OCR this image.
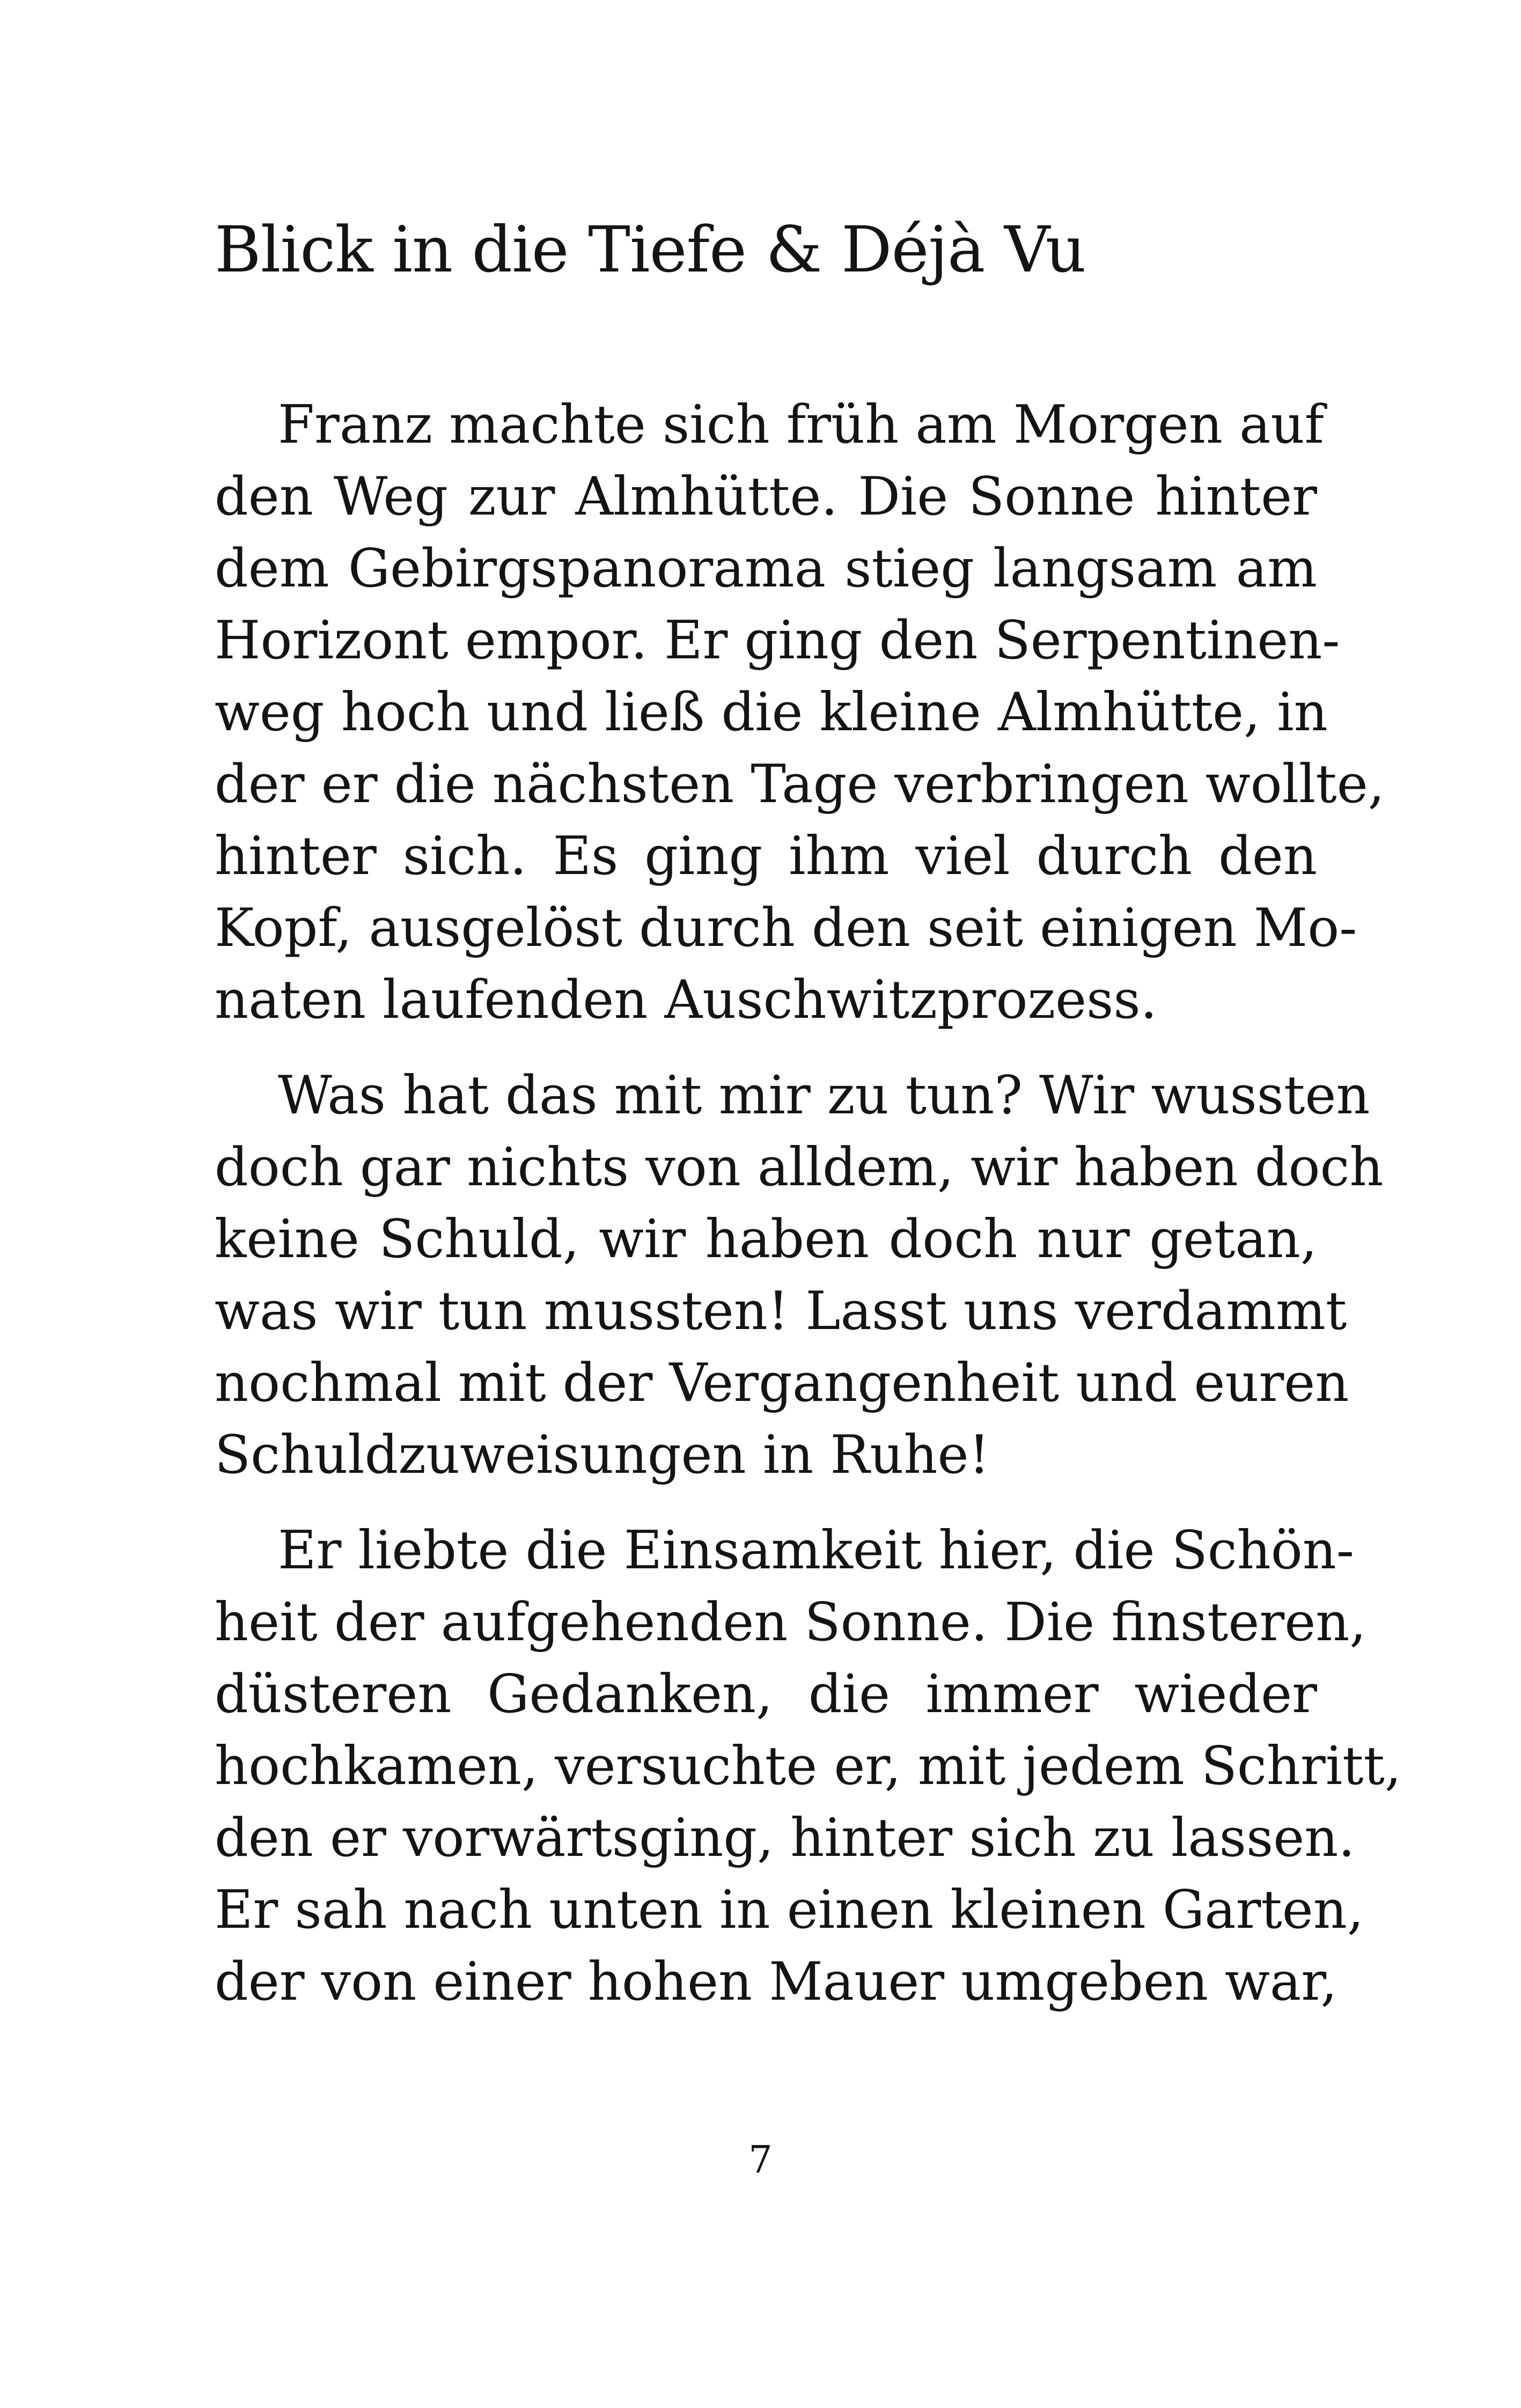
Blick in die Tiefe & Déjà Vu

Franz machte sich früh am Morgen auf
den Weg zur Almhütte. Die Sonne hinter
dem Gebirgspanorama stieg langsam am
Horizont empor. Er ging den Serpentinen-
weg hoch und ließ die kleine Almhütte, in
der er die nächsten Tage verbringen wollte,
hinter sich. Es ging ihm viel durch den
Kopf, ausgelöst durch den seit einigen Mo-
naten laufenden Auschwitzprozess.

Was hat das mit mir zu tun? Wir wussten
doch gar nichts von alldem, wir haben doch
keine Schuld, wir haben doch nur getan,
was wir tun mussten! Lasst uns verdammt
nochmal mit der Vergangenheit und euren
Schuldzuweisungen in Ruhe!

Er liebte die Einsamkeit hier, die Schön-
heit der aufgehenden Sonne. Die finsteren,
düsteren Gedanken, die immer wieder
hochkamen, versuchte er, mit jedem Schritt,
den er vorwärtsging, hinter sich zu lassen.
Er sah nach unten in einen kleinen Garten,
der von einer hohen Mauer umgeben war,

7
